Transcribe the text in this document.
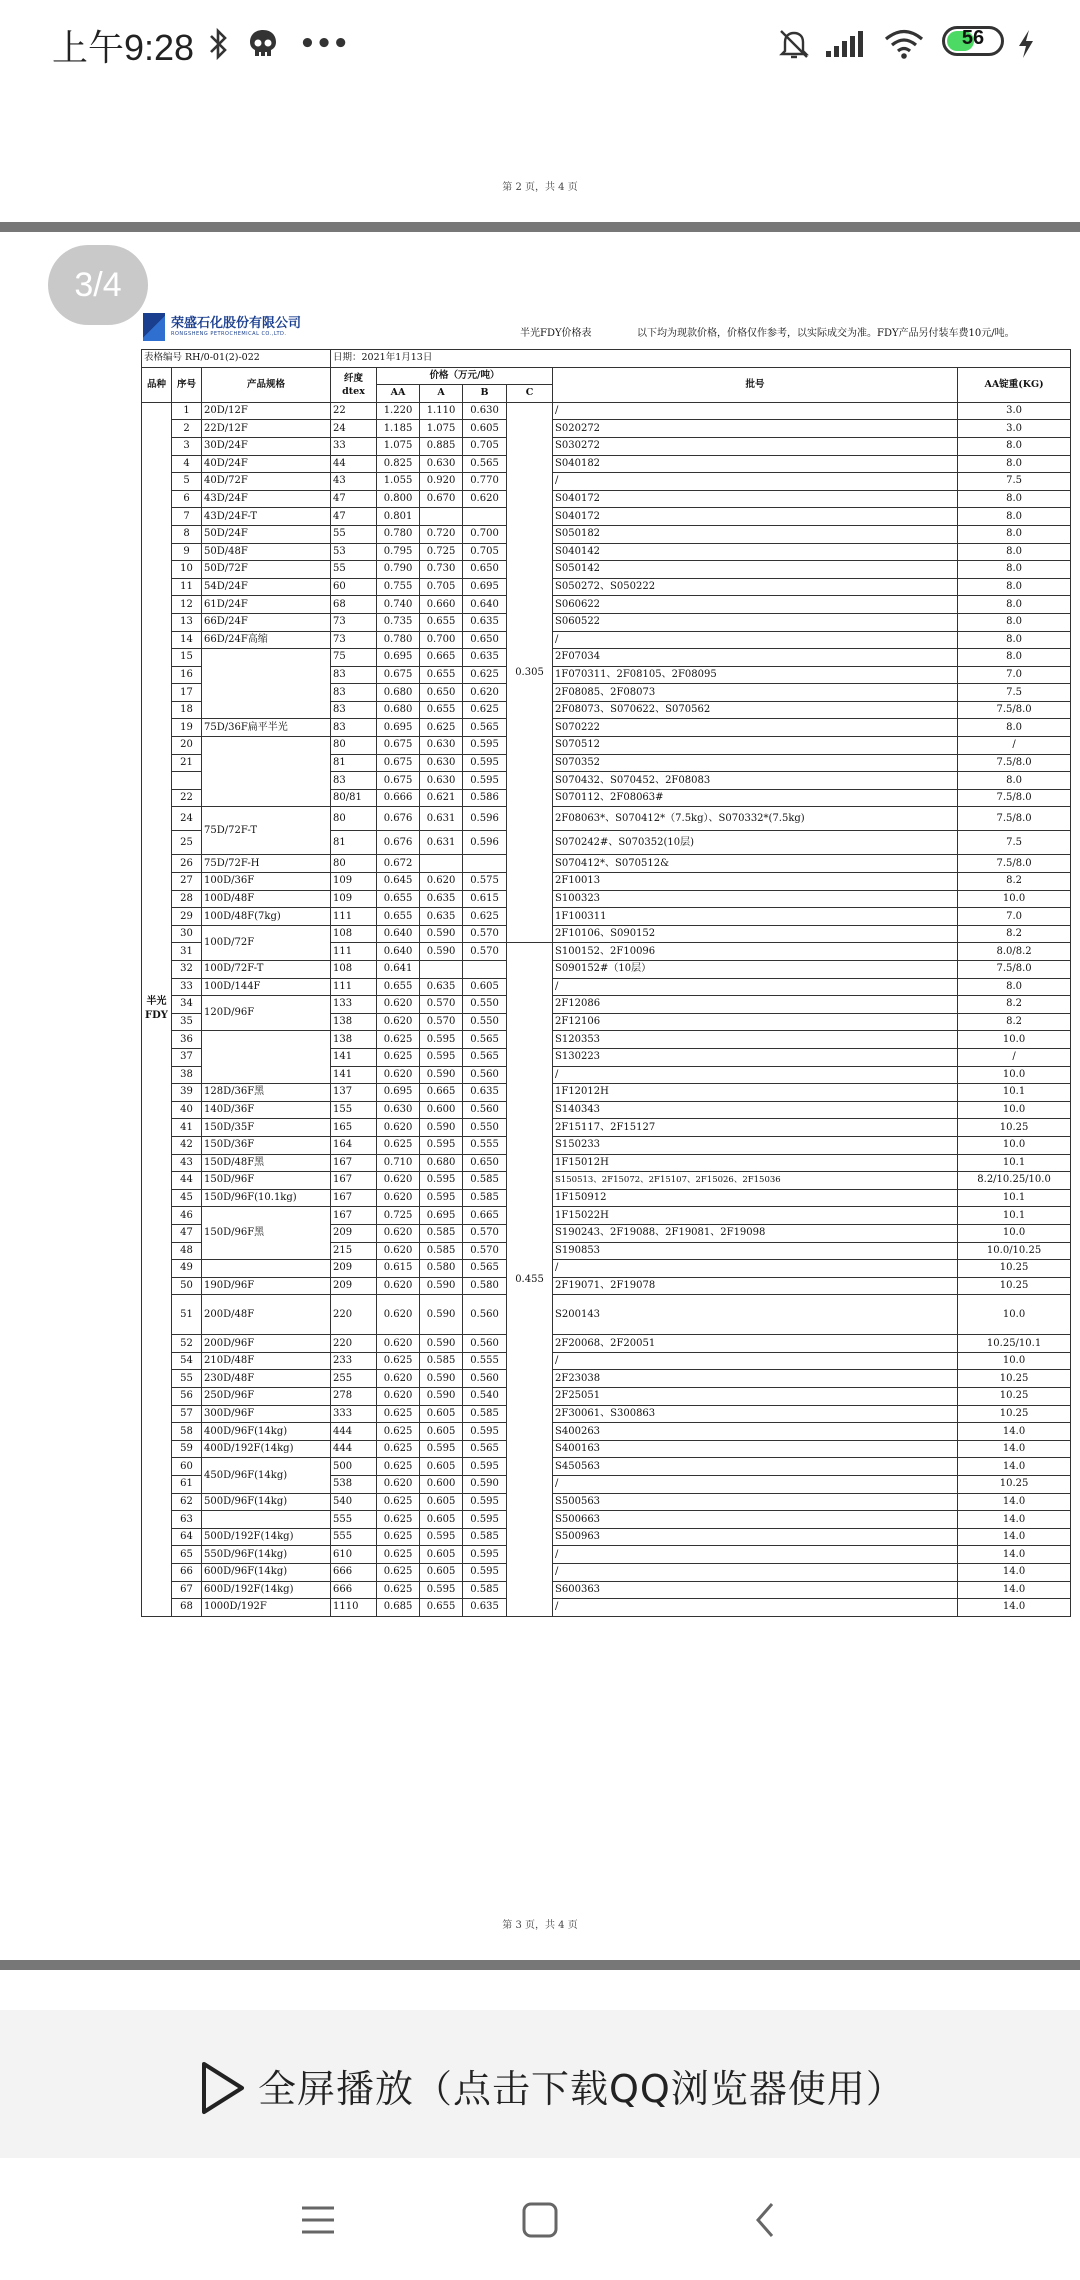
上午9:28	•••	56
第 2 页，共 4 页
3/4
荣盛石化股份有限公司
RONGSHENG PETROCHEMICAL CO.,LTD.	半光FDY价格表	以下均为现款价格，价格仅作参考，以实际成交为准。FDY产品另付装车费10元/吨。
表格编号 RH/0-01(2)-022			日期：2021年1月13日						
品种	序号	产品规格	纤度dtex	价格（万元/吨）				批号	AA锭重(KG)
				AA	A	B	C		
半光FDY	1	20D/12F	22	1.220	1.110	0.630	0.305	/	3.0
	2	22D/12F	24	1.185	1.075	0.605		S020272	3.0
	3	30D/24F	33	1.075	0.885	0.705		S030272	8.0
	4	40D/24F	44	0.825	0.630	0.565		S040182	8.0
	5	40D/72F	43	1.055	0.920	0.770		/	7.5
	6	43D/24F	47	0.800	0.670	0.620		S040172	8.0
	7	43D/24F-T	47	0.801				S040172	8.0
	8	50D/24F	55	0.780	0.720	0.700		S050182	8.0
	9	50D/48F	53	0.795	0.725	0.705		S040142	8.0
	10	50D/72F	55	0.790	0.730	0.650		S050142	8.0
	11	54D/24F	60	0.755	0.705	0.695		S050272、S050222	8.0
	12	61D/24F	68	0.740	0.660	0.640		S060622	8.0
	13	66D/24F	73	0.735	0.655	0.635		S060522	8.0
	14	66D/24F高缩	73	0.780	0.700	0.650		/	8.0
	15		75	0.695	0.665	0.635		2F07034	8.0
	16		83	0.675	0.655	0.625		1F070311、2F08105、2F08095	7.0
	17		83	0.680	0.650	0.620		2F08085、2F08073	7.5
	18		83	0.680	0.655	0.625		2F08073、S070622、S070562	7.5/8.0
	19	75D/36F扁平半光	83	0.695	0.625	0.565		S070222	8.0
	20		80	0.675	0.630	0.595		S070512	/
	21		81	0.675	0.630	0.595		S070352	7.5/8.0
			83	0.675	0.630	0.595		S070432、S070452、2F08083	8.0
	22		80/81	0.666	0.621	0.586		S070112、2F08063#	7.5/8.0
	24	75D/72F-T	80	0.676	0.631	0.596		2F08063*、S070412*（7.5kg）、S070332*(7.5kg)	7.5/8.0
	25		81	0.676	0.631	0.596		S070242#、S070352(10层)	7.5
	26	75D/72F-H	80	0.672				S070412*、S070512&	7.5/8.0
	27	100D/36F	109	0.645	0.620	0.575		2F10013	8.2
	28	100D/48F	109	0.655	0.635	0.615		S100323	10.0
	29	100D/48F(7kg)	111	0.655	0.635	0.625		1F100311	7.0
	30	100D/72F	108	0.640	0.590	0.570		2F10106、S090152	8.2
	31		111	0.640	0.590	0.570	0.455	S100152、2F10096	8.0/8.2
	32	100D/72F-T	108	0.641				S090152#（10层）	7.5/8.0
	33	100D/144F	111	0.655	0.635	0.605		/	8.0
	34	120D/96F	133	0.620	0.570	0.550		2F12086	8.2
	35		138	0.620	0.570	0.550		2F12106	8.2
	36		138	0.625	0.595	0.565		S120353	10.0
	37		141	0.625	0.595	0.565		S130223	/
	38		141	0.620	0.590	0.560		/	10.0
	39	128D/36F黑	137	0.695	0.665	0.635		1F12012H	10.1
	40	140D/36F	155	0.630	0.600	0.560		S140343	10.0
	41	150D/35F	165	0.620	0.590	0.550		2F15117、2F15127	10.25
	42	150D/36F	164	0.625	0.595	0.555		S150233	10.0
	43	150D/48F黑	167	0.710	0.680	0.650		1F15012H	10.1
	44	150D/96F	167	0.620	0.595	0.585		S150513、2F15072、2F15107、2F15026、2F15036	8.2/10.25/10.0
	45	150D/96F(10.1kg)	167	0.620	0.595	0.585		1F150912	10.1
	46	150D/96F黑	167	0.725	0.695	0.665		1F15022H	10.1
	47		209	0.620	0.585	0.570		S190243、2F19088、2F19081、2F19098	10.0
	48		215	0.620	0.585	0.570		S190853	10.0/10.25
	49		209	0.615	0.580	0.565		/	10.25
	50	190D/96F	209	0.620	0.590	0.580		2F19071、2F19078	10.25
	51	200D/48F	220	0.620	0.590	0.560		S200143	10.0
	52	200D/96F	220	0.620	0.590	0.560		2F20068、2F20051	10.25/10.1
	54	210D/48F	233	0.625	0.585	0.555		/	10.0
	55	230D/48F	255	0.620	0.590	0.560		2F23038	10.25
	56	250D/96F	278	0.620	0.590	0.540		2F25051	10.25
	57	300D/96F	333	0.625	0.605	0.585		2F30061、S300863	10.25
	58	400D/96F(14kg)	444	0.625	0.605	0.595		S400263	14.0
	59	400D/192F(14kg)	444	0.625	0.595	0.565		S400163	14.0
	60	450D/96F(14kg)	500	0.625	0.605	0.595		S450563	14.0
	61		538	0.620	0.600	0.590		/	10.25
	62	500D/96F(14kg)	540	0.625	0.605	0.595		S500563	14.0
	63		555	0.625	0.605	0.595		S500663	14.0
	64	500D/192F(14kg)	555	0.625	0.595	0.585		S500963	14.0
	65	550D/96F(14kg)	610	0.625	0.605	0.595		/	14.0
	66	600D/96F(14kg)	666	0.625	0.605	0.595		/	14.0
	67	600D/192F(14kg)	666	0.625	0.595	0.585		S600363	14.0
	68	1000D/192F	1110	0.685	0.655	0.635		/	14.0
第 3 页，共 4 页
全屏播放（点击下载QQ浏览器使用）
